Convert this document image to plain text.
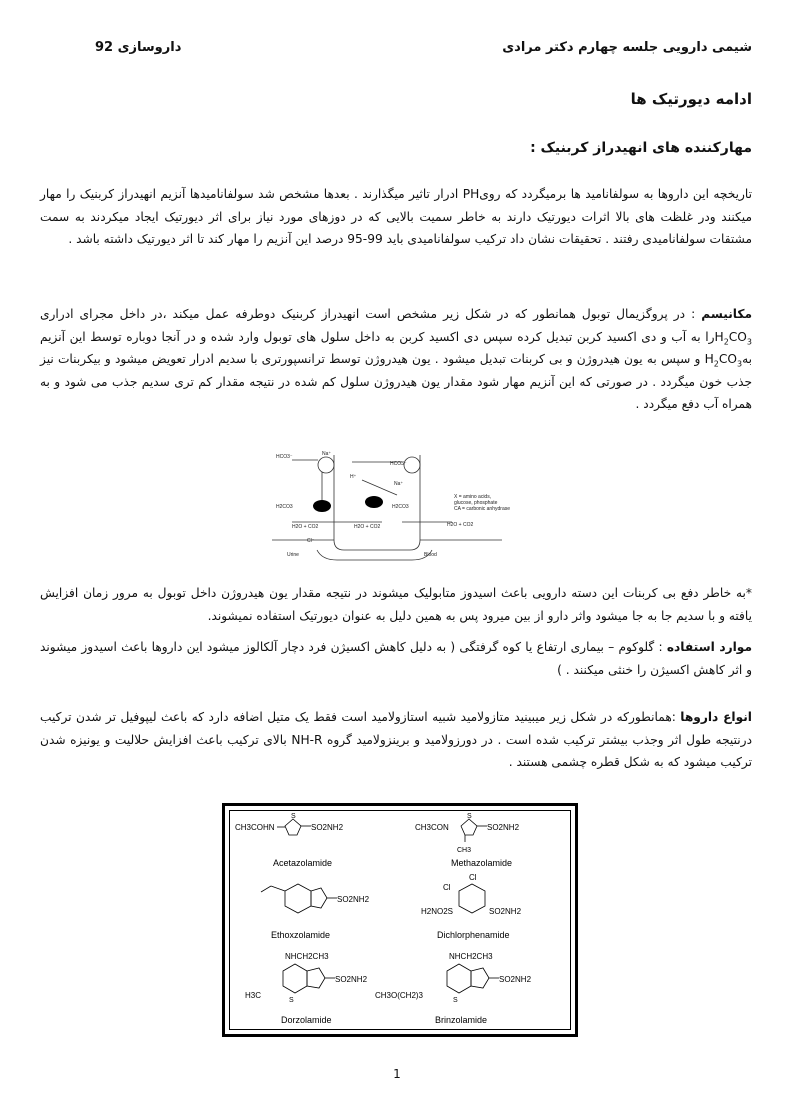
شیمی دارویی جلسه چهارم دکتر مرادی
داروسازی 92
ادامه دیورتیک ها
مهارکننده های انهیدراز کربنیک :

تاریخچه این داروها به سولفانامید ها برمیگردد که رویPH ادرار تاثیر میگذارند . بعدها مشخص شد سولفانامیدها آنزیم انهیدراز کربنیک را مهار میکنند ودر غلظت های بالا اثرات دیورتیک دارند به خاطر سمیت بالایی که در دوزهای مورد نیاز برای اثر دیورتیک ایجاد میکردند به سمت مشتقات سولفانامیدی رفتند . تحقیقات نشان داد ترکیب سولفانامیدی باید 99-95 درصد این آنزیم را مهار کند تا اثر دیورتیک داشته باشد .

مکانیسم : در پروگزیمال توبول همانطور که در شکل زیر مشخص است انهیدراز کربنیک دوطرفه عمل میکند ،در داخل مجرای ادراری $H_2CO_3را$ به آب و دی اکسید کربن تبدیل کرده سپس دی اکسید کربن به داخل سلول های توبول وارد شده و در آنجا دوباره توسط این آنزیم $بهH_2CO_3$ و سپس به یون هیدروژن و بی کربنات تبدیل میشود . یون هیدروژن توسط ترانسپورتری با سدیم ادرار تعویض میشود و بیکربنات نیز جذب خون میگردد . در صورتی که این آنزیم مهار شود مقدار یون هیدروژن سلول کم شده در نتیجه مقدار کم تری سدیم جذب می شود و به همراه آب دفع میگردد .

HCO3⁻	Na⁺
H⁺
H2CO3
H2O + CO2	H2O + CO2
HCO3⁻
Na⁺
H2CO3
H2O + CO2
Cl⁻
Urine	Blood
X = amino acids,
glucose, phosphate
CA = carbonic anhydrase

*به خاطر دفع بی کربنات این دسته دارویی باعث اسیدوز متابولیک میشوند در نتیجه مقدار یون هیدروژن داخل توبول به مرور زمان افزایش یافته و با سدیم جا به جا میشود واثر دارو از بین میرود پس به همین دلیل به عنوان دیورتیک استفاده نمیشوند.

موارد استفاده : گلوکوم – بیماری ارتفاع یا کوه گرفتگی ( به دلیل کاهش اکسیژن فرد دچار آلکالوز میشود این داروها باعث اسیدوز میشوند و اثر کاهش اکسیژن را خنثی میکنند . )

انواع داروها :همانطورکه در شکل زیر میبینید متازولامید شبیه استازولامید است فقط یک متیل اضافه دارد که باعث لیپوفیل تر شدن ترکیب درنتیجه طول اثر وجذب بیشتر ترکیب شده است . در دورزولامید و برینزولامید گروه NH-R بالای ترکیب باعث افزایش حلالیت و یونیزه شدن ترکیب میشود که به شکل قطره چشمی هستند .

CH3COHN
S
SO2NH2
Acetazolamide
CH3CON
S
SO2NH2
CH3
Methazolamide
SO2NH2
Ethoxzolamide
Cl
Cl
H2NO2S	SO2NH2
Dichlorphenamide
NHCH2CH3
SO2NH2
H3C
S
Dorzolamide
NHCH2CH3
SO2NH2
CH3O(CH2)3
S
Brinzolamide
1
